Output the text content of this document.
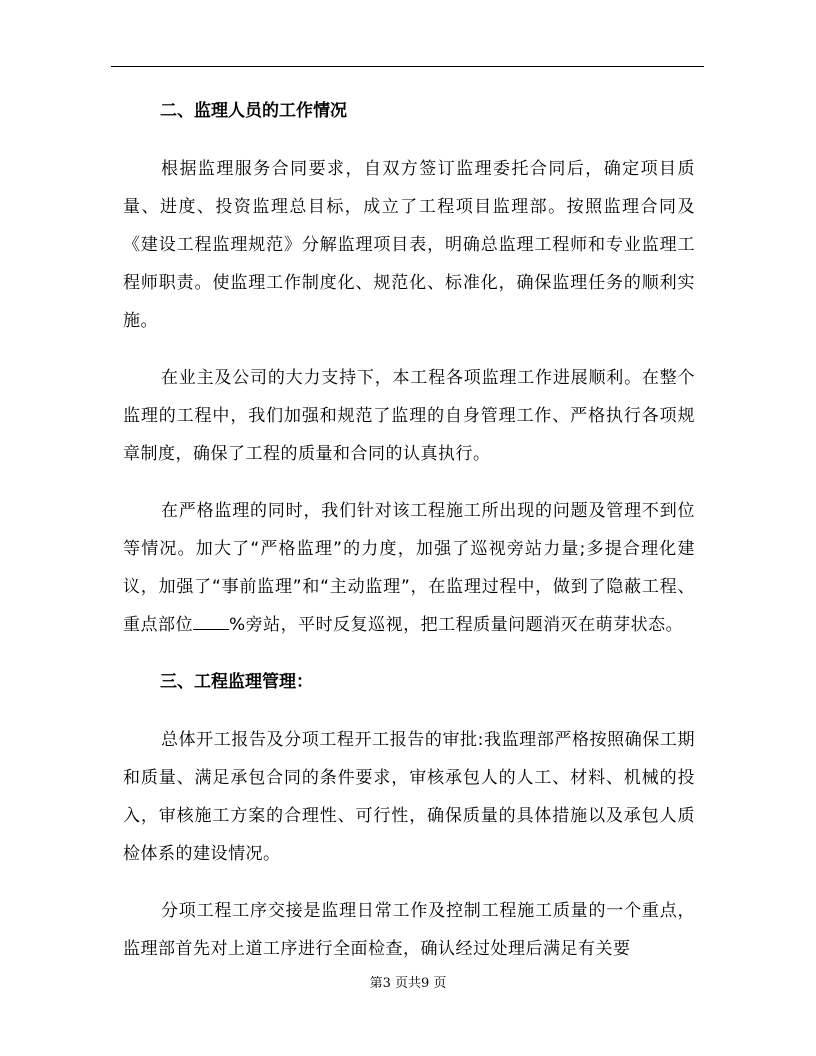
二、监理人员的工作情况

根据监理服务合同要求，自双方签订监理委托合同后，确定项目质量、进度、投资监理总目标，成立了工程项目监理部。按照监理合同及《建设工程监理规范》分解监理项目表，明确总监理工程师和专业监理工程师职责。使监理工作制度化、规范化、标准化，确保监理任务的顺利实施。

在业主及公司的大力支持下，本工程各项监理工作进展顺利。在整个监理的工程中，我们加强和规范了监理的自身管理工作、严格执行各项规章制度，确保了工程的质量和合同的认真执行。

在严格监理的同时，我们针对该工程施工所出现的问题及管理不到位等情况。加大了“严格监理”的力度，加强了巡视旁站力量;多提合理化建议，加强了“事前监理”和“主动监理”，在监理过程中，做到了隐蔽工程、重点部位 %旁站，平时反复巡视，把工程质量问题消灭在萌芽状态。

三、工程监理管理：

总体开工报告及分项工程开工报告的审批:我监理部严格按照确保工期和质量、满足承包合同的条件要求，审核承包人的人工、材料、机械的投入，审核施工方案的合理性、可行性，确保质量的具体措施以及承包人质检体系的建设情况。

分项工程工序交接是监理日常工作及控制工程施工质量的一个重点，监理部首先对上道工序进行全面检查，确认经过处理后满足有关要

第3 页共9 页
